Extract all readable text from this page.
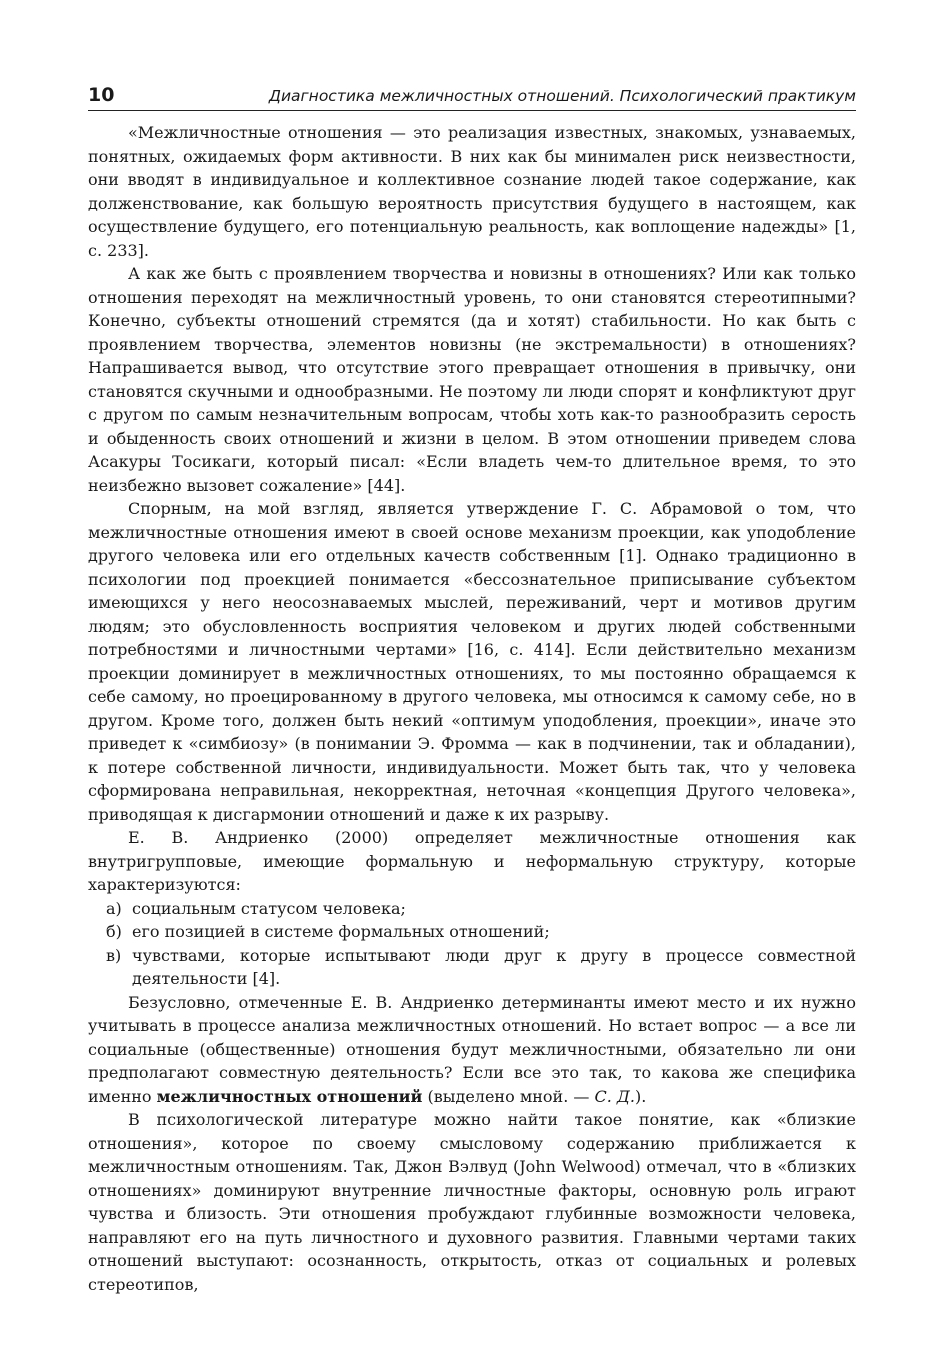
10	Диагностика межличностных отношений. Психологический практикум

«Межличностные отношения — это реализация известных, знакомых, узнаваемых, понятных, ожидаемых форм активности. В них как бы минимален риск неизвестности, они вводят в индивидуальное и коллективное сознание людей такое содержание, как долженствование, как большую вероятность присутствия будущего в настоящем, как осуществление будущего, его потенциальную реальность, как воплощение надежды» [1, с. 233].

А как же быть с проявлением творчества и новизны в отношениях? Или как только отношения переходят на межличностный уровень, то они становятся стереотипными? Конечно, субъекты отношений стремятся (да и хотят) стабильности. Но как быть с проявлением творчества, элементов новизны (не экстремальности) в отношениях? Напрашивается вывод, что отсутствие этого превращает отношения в привычку, они становятся скучными и однообразными. Не поэтому ли люди спорят и конфликтуют друг с другом по самым незначительным вопросам, чтобы хоть как-то разнообразить серость и обыденность своих отношений и жизни в целом. В этом отношении приведем слова Асакуры Тосикаги, который писал: «Если владеть чем-то длительное время, то это неизбежно вызовет сожаление» [44].

Спорным, на мой взгляд, является утверждение Г. С. Абрамовой о том, что межличностные отношения имеют в своей основе механизм проекции, как уподобление другого человека или его отдельных качеств собственным [1]. Однако традиционно в психологии под проекцией понимается «бессознательное приписывание субъектом имеющихся у него неосознаваемых мыслей, переживаний, черт и мотивов другим людям; это обусловленность восприятия человеком и других людей собственными потребностями и личностными чертами» [16, с. 414]. Если действительно механизм проекции доминирует в межличностных отношениях, то мы постоянно обращаемся к себе самому, но проецированному в другого человека, мы относимся к самому себе, но в другом. Кроме того, должен быть некий «оптимум уподобления, проекции», иначе это приведет к «симбиозу» (в понимании Э. Фромма — как в подчинении, так и обладании), к потере собственной личности, индивидуальности. Может быть так, что у человека сформирована неправильная, некорректная, неточная «концепция Другого человека», приводящая к дисгармонии отношений и даже к их разрыву.

Е. В. Андриенко (2000) определяет межличностные отношения как внутригрупповые, имеющие формальную и неформальную структуру, которые характеризуются:

а) социальным статусом человека;
б) его позицией в системе формальных отношений;
в) чувствами, которые испытывают люди друг к другу в процессе совместной деятельности [4].

Безусловно, отмеченные Е. В. Андриенко детерминанты имеют место и их нужно учитывать в процессе анализа межличностных отношений. Но встает вопрос — а все ли социальные (общественные) отношения будут межличностными, обязательно ли они предполагают совместную деятельность? Если все это так, то какова же специфика именно межличностных отношений (выделено мной. — С. Д.).

В психологической литературе можно найти такое понятие, как «близкие отношения», которое по своему смысловому содержанию приближается к межличностным отношениям. Так, Джон Вэлвуд (John Welwood) отмечал, что в «близких отношениях» доминируют внутренние личностные факторы, основную роль играют чувства и близость. Эти отношения пробуждают глубинные возможности человека, направляют его на путь личностного и духовного развития. Главными чертами таких отношений выступают: осознанность, открытость, отказ от социальных и ролевых стереотипов,
